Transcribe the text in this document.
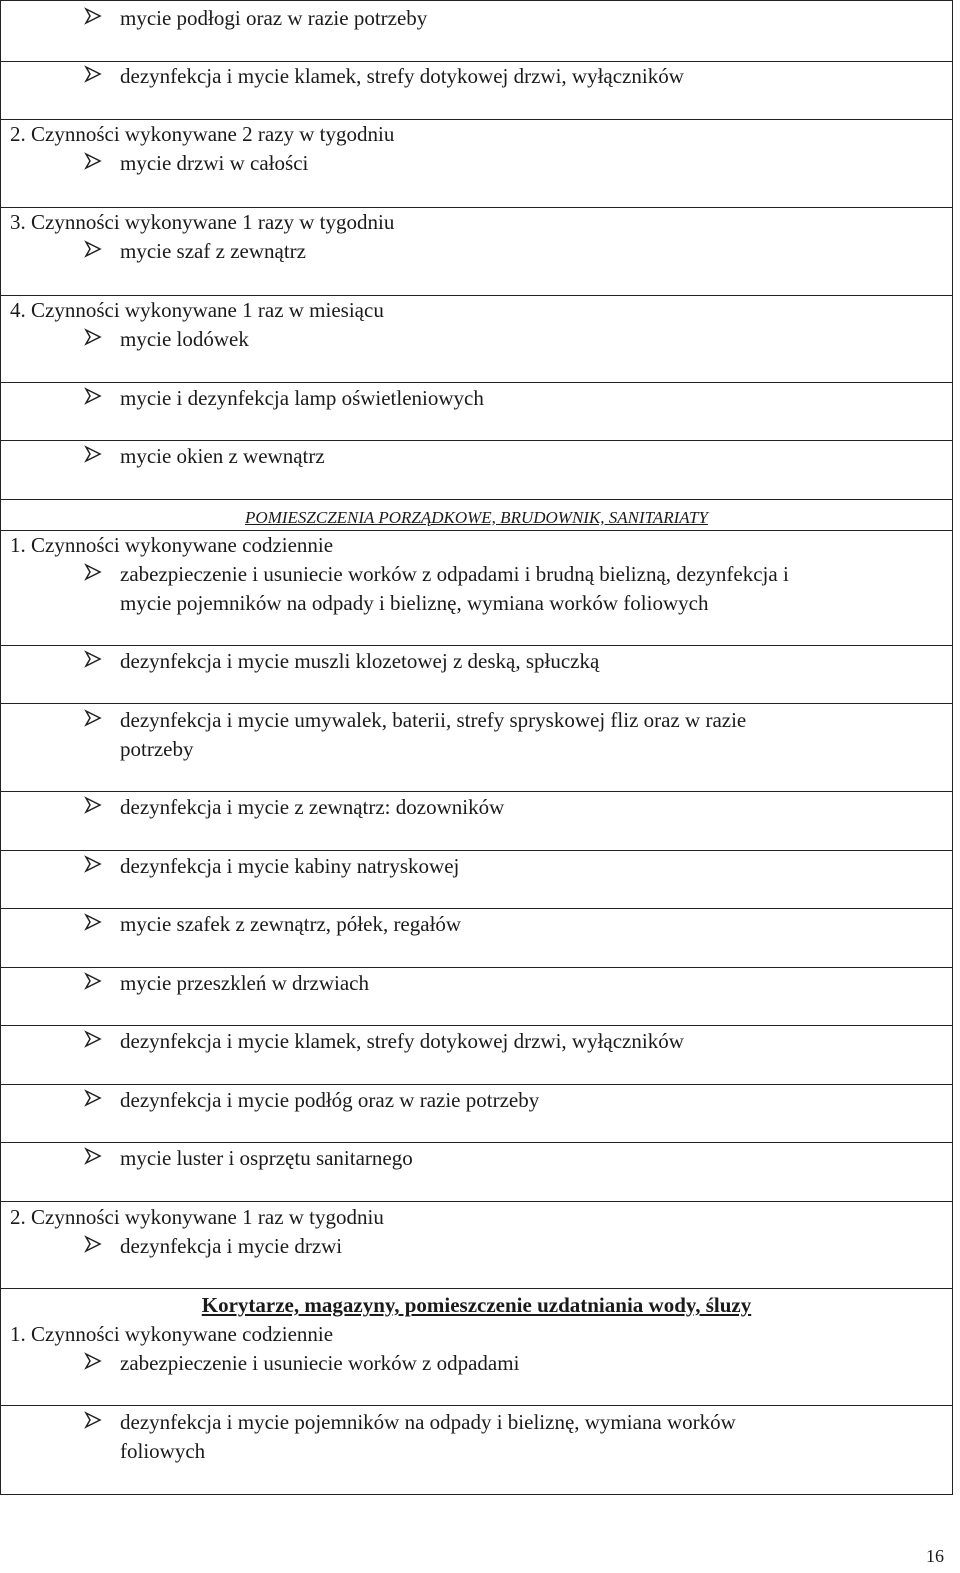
mycie podłogi oraz w razie potrzeby
dezynfekcja i mycie klamek, strefy dotykowej drzwi, wyłączników
2. Czynności wykonywane 2 razy w tygodniu
mycie drzwi w całości
3. Czynności wykonywane 1 razy w tygodniu
mycie szaf z zewnątrz
4. Czynności wykonywane 1 raz w miesiącu
mycie lodówek
mycie i dezynfekcja lamp oświetleniowych
mycie okien z wewnątrz
POMIESZCZENIA PORZĄDKOWE, BRUDOWNIK, SANITARIATY
1. Czynności wykonywane codziennie
zabezpieczenie i usuniecie worków z odpadami i brudną bielizną, dezynfekcja i
mycie pojemników na odpady i bieliznę, wymiana worków foliowych
dezynfekcja i mycie muszli klozetowej z deską, spłuczką
dezynfekcja i mycie umywalek, baterii, strefy spryskowej fliz oraz w razie
potrzeby
dezynfekcja i mycie z zewnątrz: dozowników
dezynfekcja i mycie kabiny natryskowej
mycie szafek z zewnątrz, półek, regałów
mycie przeszkleń w drzwiach
dezynfekcja i mycie klamek, strefy dotykowej drzwi, wyłączników
dezynfekcja i mycie podłóg oraz w razie potrzeby
mycie luster i osprzętu sanitarnego
2. Czynności wykonywane 1 raz w tygodniu
dezynfekcja i mycie drzwi
Korytarze, magazyny, pomieszczenie uzdatniania wody, śluzy
1. Czynności wykonywane codziennie
zabezpieczenie i usuniecie worków z odpadami
dezynfekcja i mycie pojemników na odpady i bieliznę, wymiana worków
foliowych
16
